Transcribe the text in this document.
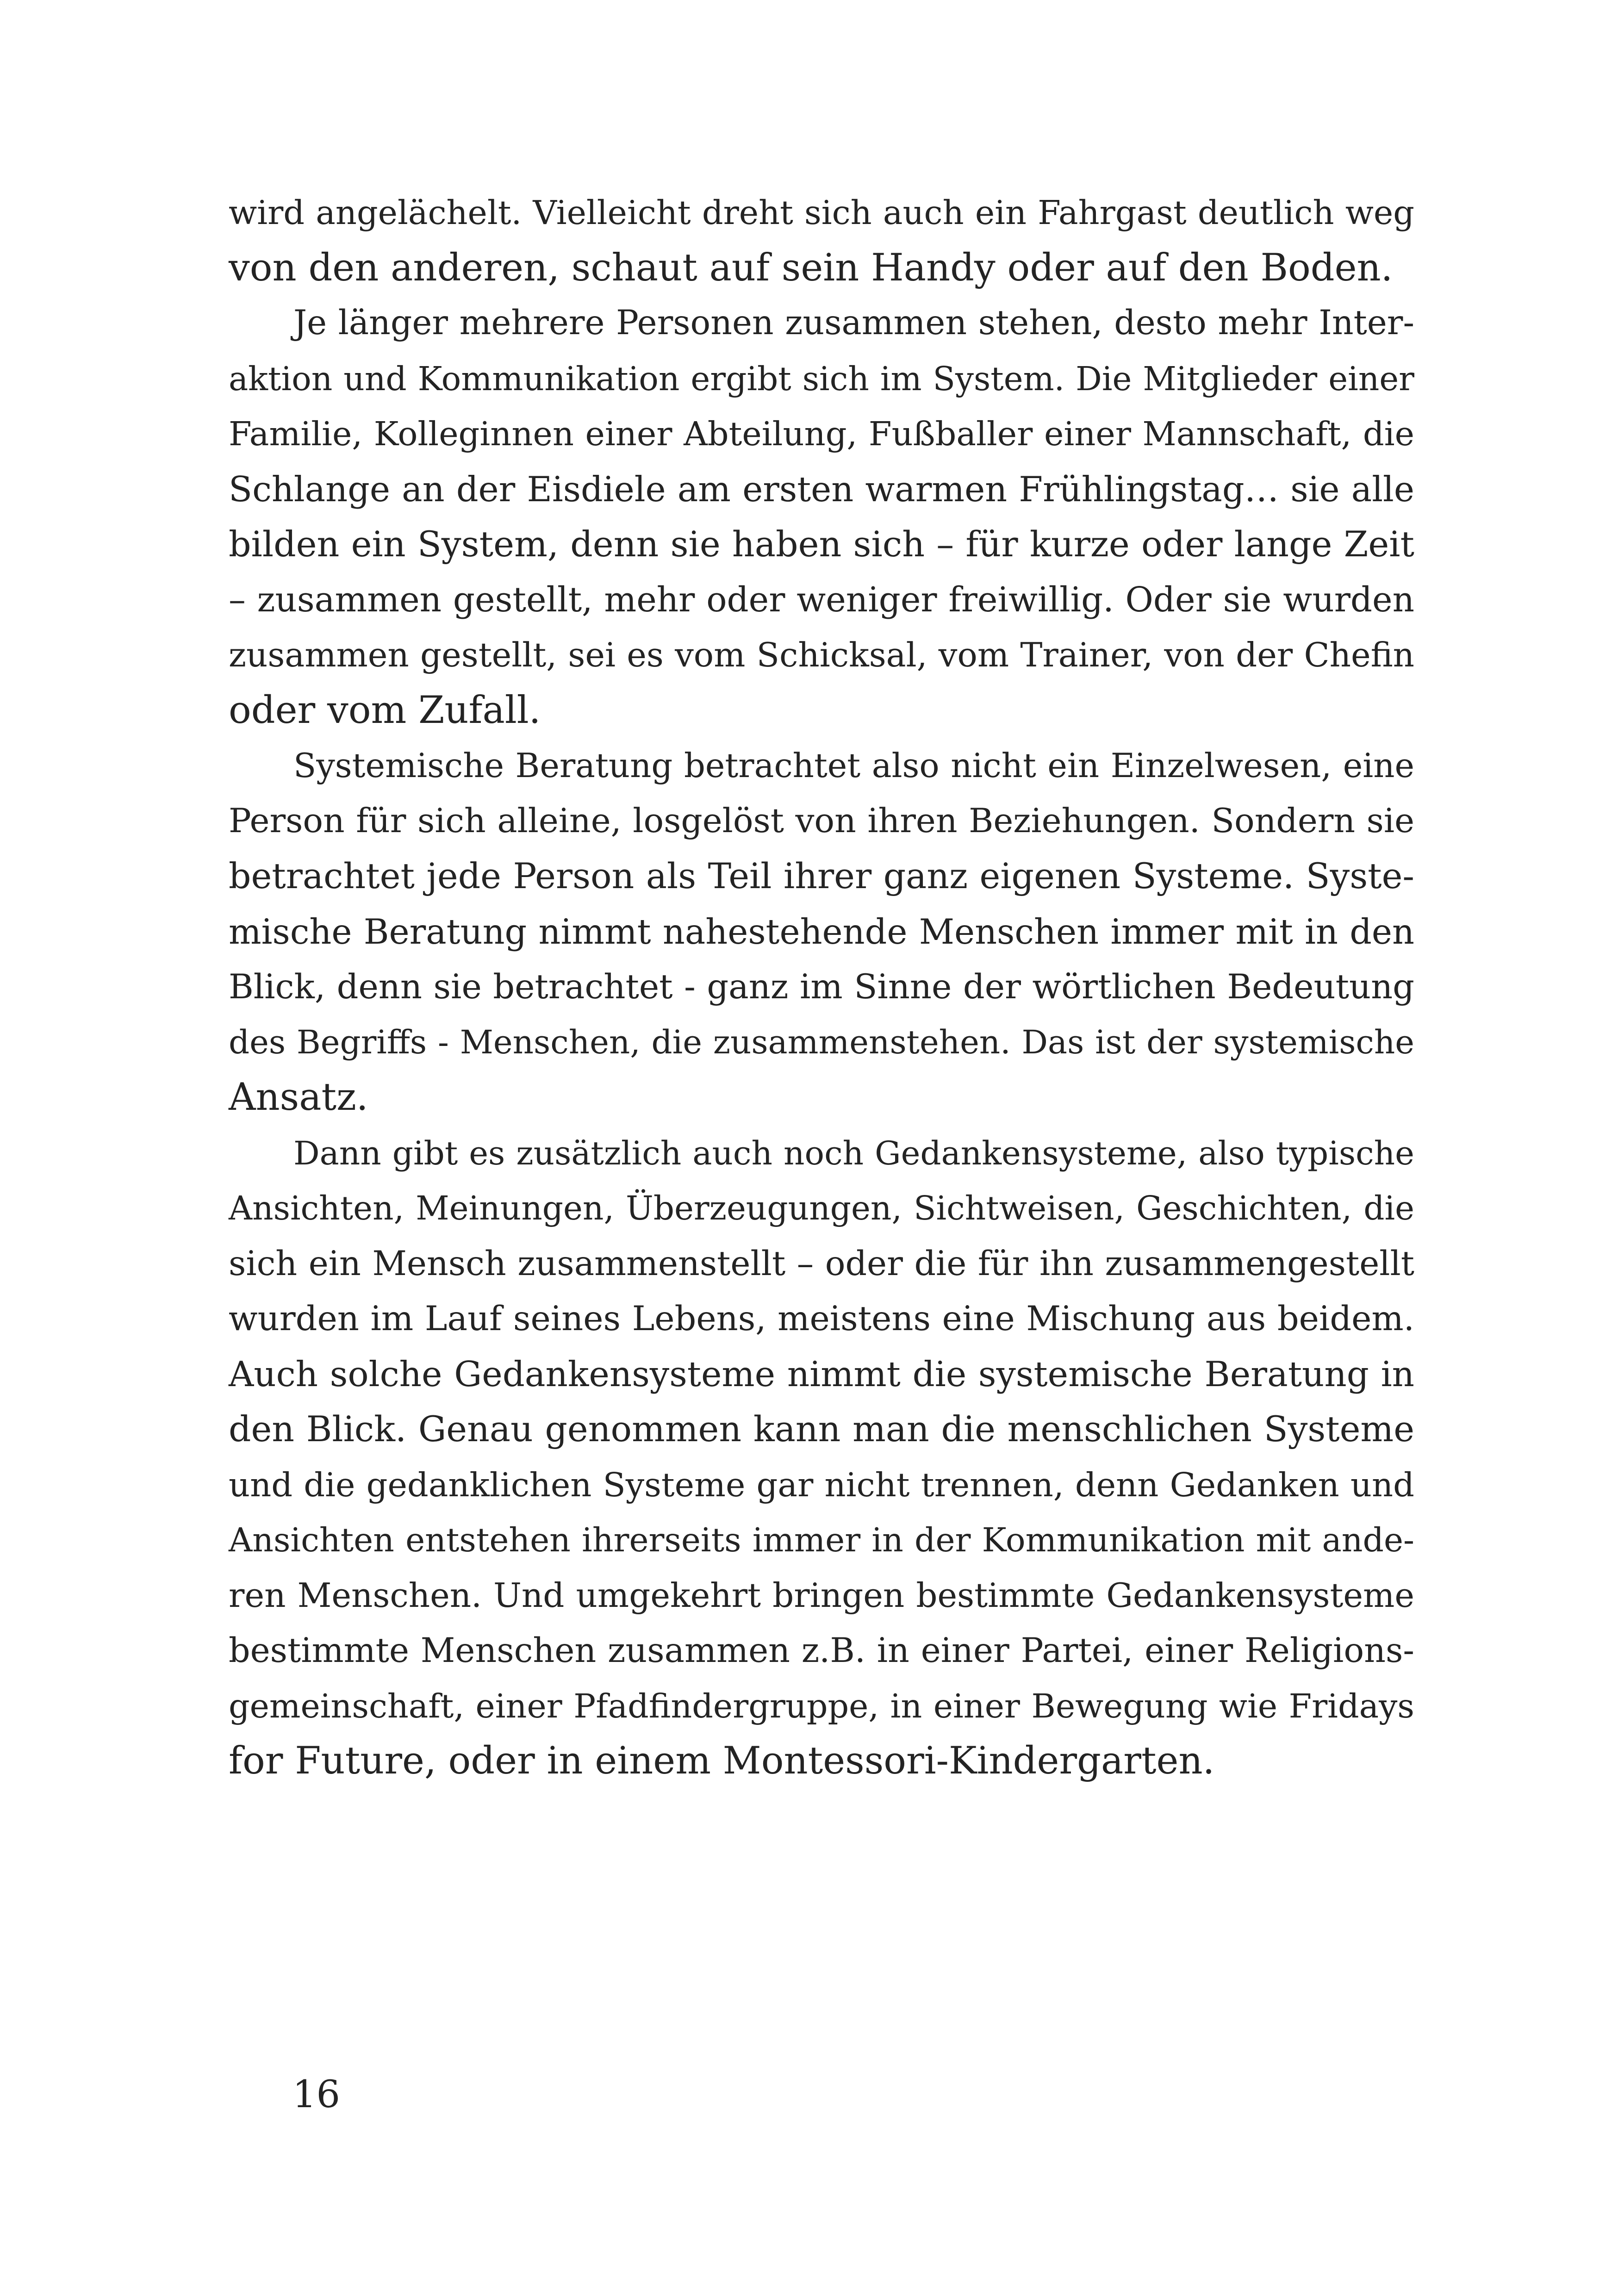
wird angelächelt. Vielleicht dreht sich auch ein Fahrgast deutlich weg
von den anderen, schaut auf sein Handy oder auf den Boden.
Je länger mehrere Personen zusammen stehen, desto mehr Inter-
aktion und Kommunikation ergibt sich im System. Die Mitglieder einer
Familie, Kolleginnen einer Abteilung, Fußballer einer Mannschaft, die
Schlange an der Eisdiele am ersten warmen Frühlingstag… sie alle
bilden ein System, denn sie haben sich – für kurze oder lange Zeit
– zusammen gestellt, mehr oder weniger freiwillig. Oder sie wurden
zusammen gestellt, sei es vom Schicksal, vom Trainer, von der Chefin
oder vom Zufall.
Systemische Beratung betrachtet also nicht ein Einzelwesen, eine
Person für sich alleine, losgelöst von ihren Beziehungen. Sondern sie
betrachtet jede Person als Teil ihrer ganz eigenen Systeme. Syste-
mische Beratung nimmt nahestehende Menschen immer mit in den
Blick, denn sie betrachtet - ganz im Sinne der wörtlichen Bedeutung
des Begriffs - Menschen, die zusammenstehen. Das ist der systemische
Ansatz.
Dann gibt es zusätzlich auch noch Gedankensysteme, also typische
Ansichten, Meinungen, Überzeugungen, Sichtweisen, Geschichten, die
sich ein Mensch zusammenstellt – oder die für ihn zusammengestellt
wurden im Lauf seines Lebens, meistens eine Mischung aus beidem.
Auch solche Gedankensysteme nimmt die systemische Beratung in
den Blick. Genau genommen kann man die menschlichen Systeme
und die gedanklichen Systeme gar nicht trennen, denn Gedanken und
Ansichten entstehen ihrerseits immer in der Kommunikation mit ande-
ren Menschen. Und umgekehrt bringen bestimmte Gedankensysteme
bestimmte Menschen zusammen z.B. in einer Partei, einer Religions-
gemeinschaft, einer Pfadfindergruppe, in einer Bewegung wie Fridays
for Future, oder in einem Montessori-Kindergarten.
16
